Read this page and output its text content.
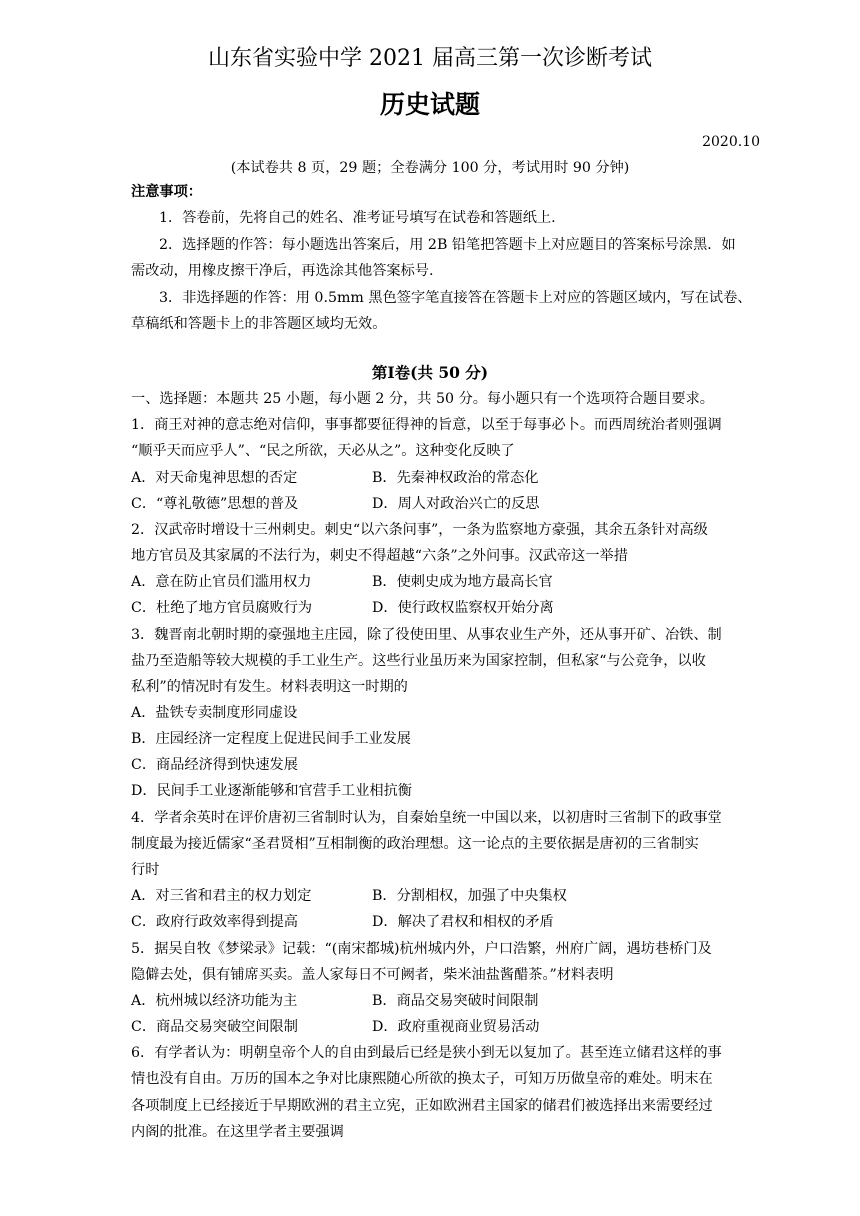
山东省实验中学 2021 届高三第一次诊断考试
历史试题
2020.10
(本试卷共 8 页，29 题；全卷满分 100 分，考试用时 90 分钟)
注意事项：
1．答卷前，先将自己的姓名、准考证号填写在试卷和答题纸上.
2．选择题的作答：每小题选出答案后，用 2B 铅笔把答题卡上对应题目的答案标号涂黑．如
需改动，用橡皮擦干净后，再选涂其他答案标号.
3．非选择题的作答：用 0.5mm 黑色签字笔直接答在答题卡上对应的答题区域内，写在试卷、
草稿纸和答题卡上的非答题区域均无效。
第Ⅰ卷(共 50 分)
一、选择题：本题共 25 小题，每小题 2 分，共 50 分。每小题只有一个选项符合题目要求。
1．商王对神的意志绝对信仰，事事都要征得神的旨意，以至于每事必卜。而西周统治者则强调
“顺乎天而应乎人”、“民之所欲，天必从之”。这种变化反映了
A．对天命鬼神思想的否定	B．先秦神权政治的常态化
C．“尊礼敬德”思想的普及	D．周人对政治兴亡的反思
2．汉武帝时增设十三州刺史。刺史“以六条问事”，一条为监察地方豪强，其余五条针对高级
地方官员及其家属的不法行为，刺史不得超越“六条”之外问事。汉武帝这一举措
A．意在防止官员们滥用权力	B．使刺史成为地方最高长官
C．杜绝了地方官员腐败行为	D．使行政权监察权开始分离
3．魏晋南北朝时期的豪强地主庄园，除了役使田里、从事农业生产外，还从事开矿、冶铁、制
盐乃至造船等较大规模的手工业生产。这些行业虽历来为国家控制，但私家“与公竞争，以收
私利”的情况时有发生。材料表明这一时期的
A．盐铁专卖制度形同虚设
B．庄园经济一定程度上促进民间手工业发展
C．商品经济得到快速发展
D．民间手工业逐渐能够和官营手工业相抗衡
4．学者余英时在评价唐初三省制时认为，自秦始皇统一中国以来，以初唐时三省制下的政事堂
制度最为接近儒家“圣君贤相”互相制衡的政治理想。这一论点的主要依据是唐初的三省制实
行时
A．对三省和君主的权力划定	B．分割相权，加强了中央集权
C．政府行政效率得到提高	D．解决了君权和相权的矛盾
5．据吴自牧《梦梁录》记载：“(南宋都城)杭州城内外，户口浩繁，州府广阔，遇坊巷桥门及
隐僻去处，俱有铺席买卖。盖人家每日不可阙者，柴米油盐酱醋茶。”材料表明
A．杭州城以经济功能为主	B．商品交易突破时间限制
C．商品交易突破空间限制	D．政府重视商业贸易活动
6．有学者认为：明朝皇帝个人的自由到最后已经是狭小到无以复加了。甚至连立储君这样的事
情也没有自由。万历的国本之争对比康熙随心所欲的换太子，可知万历做皇帝的难处。明末在
各项制度上已经接近于早期欧洲的君主立宪，正如欧洲君主国家的储君们被选择出来需要经过
内阁的批准。在这里学者主要强调
